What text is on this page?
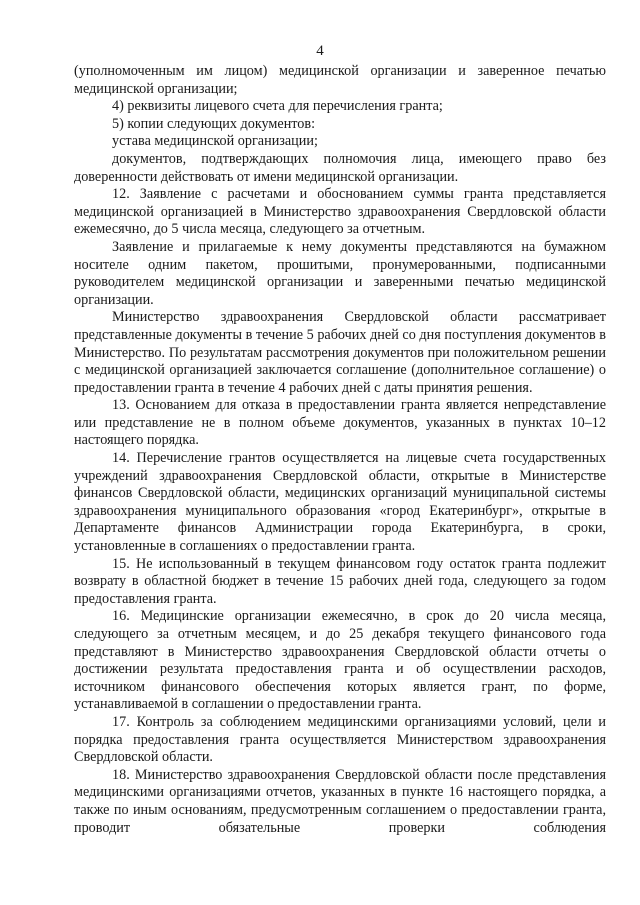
4

(уполномоченным им лицом) медицинской организации и заверенное печатью медицинской организации;

4) реквизиты лицевого счета для перечисления гранта;

5) копии следующих документов:

устава медицинской организации;

документов, подтверждающих полномочия лица, имеющего право без доверенности действовать от имени медицинской организации.

12. Заявление с расчетами и обоснованием суммы гранта представляется медицинской организацией в Министерство здравоохранения Свердловской области ежемесячно, до 5 числа месяца, следующего за отчетным.

Заявление и прилагаемые к нему документы представляются на бумажном носителе одним пакетом, прошитыми, пронумерованными, подписанными руководителем медицинской организации и заверенными печатью медицинской организации.

Министерство здравоохранения Свердловской области рассматривает представленные документы в течение 5 рабочих дней со дня поступления документов в Министерство. По результатам рассмотрения документов при положительном решении с медицинской организацией заключается соглашение (дополнительное соглашение) о предоставлении гранта в течение 4 рабочих дней с даты принятия решения.

13. Основанием для отказа в предоставлении гранта является непредставление или представление не в полном объеме документов, указанных в пунктах 10–12 настоящего порядка.

14. Перечисление грантов осуществляется на лицевые счета государственных учреждений здравоохранения Свердловской области, открытые в Министерстве финансов Свердловской области, медицинских организаций муниципальной системы здравоохранения муниципального образования «город Екатеринбург», открытые в Департаменте финансов Администрации города Екатеринбурга, в сроки, установленные в соглашениях о предоставлении гранта.

15. Не использованный в текущем финансовом году остаток гранта подлежит возврату в областной бюджет в течение 15 рабочих дней года, следующего за годом предоставления гранта.

16. Медицинские организации ежемесячно, в срок до 20 числа месяца, следующего за отчетным месяцем, и до 25 декабря текущего финансового года представляют в Министерство здравоохранения Свердловской области отчеты о достижении результата предоставления гранта и об осуществлении расходов, источником финансового обеспечения которых является грант, по форме, устанавливаемой в соглашении о предоставлении гранта.

17. Контроль за соблюдением медицинскими организациями условий, цели и порядка предоставления гранта осуществляется Министерством здравоохранения Свердловской области.

18. Министерство здравоохранения Свердловской области после представления медицинскими организациями отчетов, указанных в пункте 16 настоящего порядка, а также по иным основаниям, предусмотренным соглашением о предоставлении гранта, проводит обязательные проверки соблюдения
